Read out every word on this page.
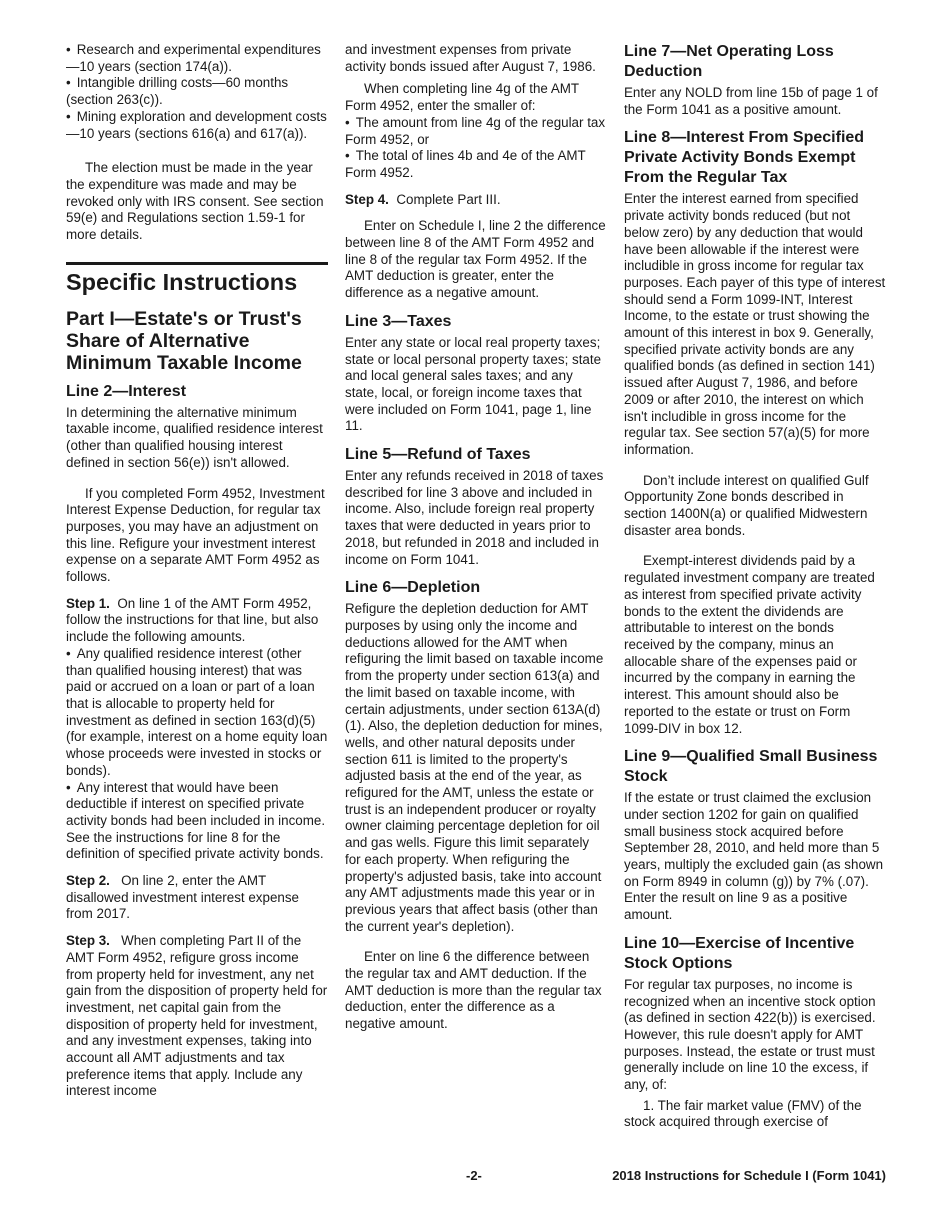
• Research and experimental expenditures—10 years (section 174(a)).

• Intangible drilling costs—60 months (section 263(c)).

• Mining exploration and development costs—10 years (sections 616(a) and 617(a)).

The election must be made in the year the expenditure was made and may be revoked only with IRS consent. See section 59(e) and Regulations section 1.59-1 for more details.

Specific Instructions
Part I—Estate's or Trust's Share of Alternative Minimum Taxable Income
Line 2—Interest

In determining the alternative minimum taxable income, qualified residence interest (other than qualified housing interest defined in section 56(e)) isn't allowed.

If you completed Form 4952, Investment Interest Expense Deduction, for regular tax purposes, you may have an adjustment on this line. Refigure your investment interest expense on a separate AMT Form 4952 as follows.

Step 1. On line 1 of the AMT Form 4952, follow the instructions for that line, but also include the following amounts.

• Any qualified residence interest (other than qualified housing interest) that was paid or accrued on a loan or part of a loan that is allocable to property held for investment as defined in section 163(d)(5) (for example, interest on a home equity loan whose proceeds were invested in stocks or bonds).

• Any interest that would have been deductible if interest on specified private activity bonds had been included in income. See the instructions for line 8 for the definition of specified private activity bonds.

Step 2. On line 2, enter the AMT disallowed investment interest expense from 2017.

Step 3. When completing Part II of the AMT Form 4952, refigure gross income from property held for investment, any net gain from the disposition of property held for investment, net capital gain from the disposition of property held for investment, and any investment expenses, taking into account all AMT adjustments and tax preference items that apply. Include any interest income

and investment expenses from private activity bonds issued after August 7, 1986.

When completing line 4g of the AMT Form 4952, enter the smaller of:

• The amount from line 4g of the regular tax Form 4952, or

• The total of lines 4b and 4e of the AMT Form 4952.

Step 4. Complete Part III.

Enter on Schedule I, line 2 the difference between line 8 of the AMT Form 4952 and line 8 of the regular tax Form 4952. If the AMT deduction is greater, enter the difference as a negative amount.

Line 3—Taxes

Enter any state or local real property taxes; state or local personal property taxes; state and local general sales taxes; and any state, local, or foreign income taxes that were included on Form 1041, page 1, line 11.

Line 5—Refund of Taxes

Enter any refunds received in 2018 of taxes described for line 3 above and included in income. Also, include foreign real property taxes that were deducted in years prior to 2018, but refunded in 2018 and included in income on Form 1041.

Line 6—Depletion

Refigure the depletion deduction for AMT purposes by using only the income and deductions allowed for the AMT when refiguring the limit based on taxable income from the property under section 613(a) and the limit based on taxable income, with certain adjustments, under section 613A(d)(1). Also, the depletion deduction for mines, wells, and other natural deposits under section 611 is limited to the property's adjusted basis at the end of the year, as refigured for the AMT, unless the estate or trust is an independent producer or royalty owner claiming percentage depletion for oil and gas wells. Figure this limit separately for each property. When refiguring the property's adjusted basis, take into account any AMT adjustments made this year or in previous years that affect basis (other than the current year's depletion).

Enter on line 6 the difference between the regular tax and AMT deduction. If the AMT deduction is more than the regular tax deduction, enter the difference as a negative amount.

Line 7—Net Operating Loss Deduction

Enter any NOLD from line 15b of page 1 of the Form 1041 as a positive amount.

Line 8—Interest From Specified Private Activity Bonds Exempt From the Regular Tax

Enter the interest earned from specified private activity bonds reduced (but not below zero) by any deduction that would have been allowable if the interest were includible in gross income for regular tax purposes. Each payer of this type of interest should send a Form 1099-INT, Interest Income, to the estate or trust showing the amount of this interest in box 9. Generally, specified private activity bonds are any qualified bonds (as defined in section 141) issued after August 7, 1986, and before 2009 or after 2010, the interest on which isn't includible in gross income for the regular tax. See section 57(a)(5) for more information.

Don’t include interest on qualified Gulf Opportunity Zone bonds described in section 1400N(a) or qualified Midwestern disaster area bonds.

Exempt-interest dividends paid by a regulated investment company are treated as interest from specified private activity bonds to the extent the dividends are attributable to interest on the bonds received by the company, minus an allocable share of the expenses paid or incurred by the company in earning the interest. This amount should also be reported to the estate or trust on Form 1099-DIV in box 12.

Line 9—Qualified Small Business Stock

If the estate or trust claimed the exclusion under section 1202 for gain on qualified small business stock acquired before September 28, 2010, and held more than 5 years, multiply the excluded gain (as shown on Form 8949 in column (g)) by 7% (.07). Enter the result on line 9 as a positive amount.

Line 10—Exercise of Incentive Stock Options

For regular tax purposes, no income is recognized when an incentive stock option (as defined in section 422(b)) is exercised. However, this rule doesn't apply for AMT purposes. Instead, the estate or trust must generally include on line 10 the excess, if any, of:

1. The fair market value (FMV) of the stock acquired through exercise of

-2-	2018 Instructions for Schedule I (Form 1041)
